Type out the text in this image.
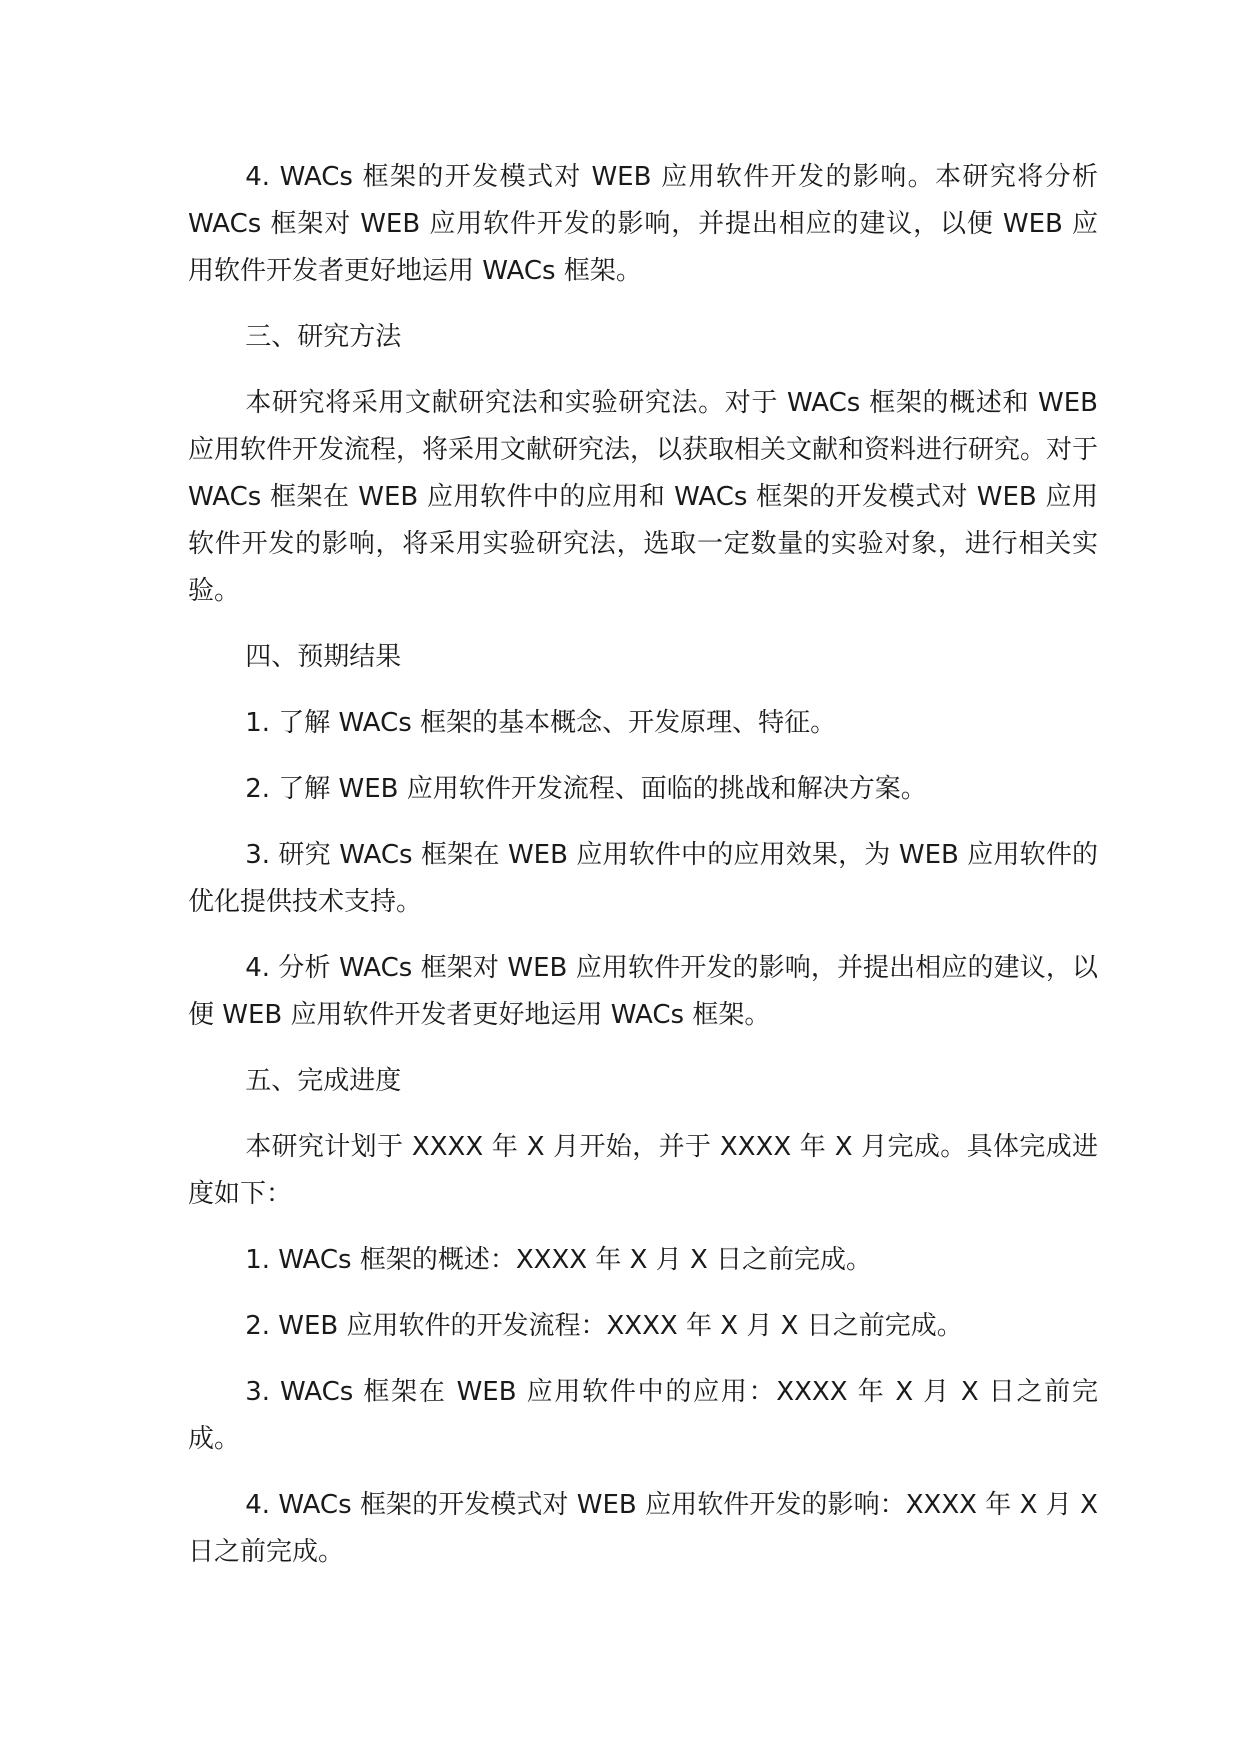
4. WACs 框架的开发模式对 WEB 应用软件开发的影响。本研究将分析 WACs 框架对 WEB 应用软件开发的影响，并提出相应的建议，以便 WEB 应用软件开发者更好地运用 WACs 框架。

三、研究方法

本研究将采用文献研究法和实验研究法。对于 WACs 框架的概述和 WEB 应用软件开发流程，将采用文献研究法，以获取相关文献和资料进行研究。对于 WACs 框架在 WEB 应用软件中的应用和 WACs 框架的开发模式对 WEB 应用软件开发的影响，将采用实验研究法，选取一定数量的实验对象，进行相关实验。

四、预期结果

1. 了解 WACs 框架的基本概念、开发原理、特征。

2. 了解 WEB 应用软件开发流程、面临的挑战和解决方案。

3. 研究 WACs 框架在 WEB 应用软件中的应用效果，为 WEB 应用软件的优化提供技术支持。

4. 分析 WACs 框架对 WEB 应用软件开发的影响，并提出相应的建议，以便 WEB 应用软件开发者更好地运用 WACs 框架。

五、完成进度

本研究计划于 XXXX 年 X 月开始，并于 XXXX 年 X 月完成。具体完成进度如下：

1. WACs 框架的概述：XXXX 年 X 月 X 日之前完成。

2. WEB 应用软件的开发流程：XXXX 年 X 月 X 日之前完成。

3. WACs 框架在 WEB 应用软件中的应用：XXXX 年 X 月 X 日之前完成。

4. WACs 框架的开发模式对 WEB 应用软件开发的影响：XXXX 年 X 月 X 日之前完成。
